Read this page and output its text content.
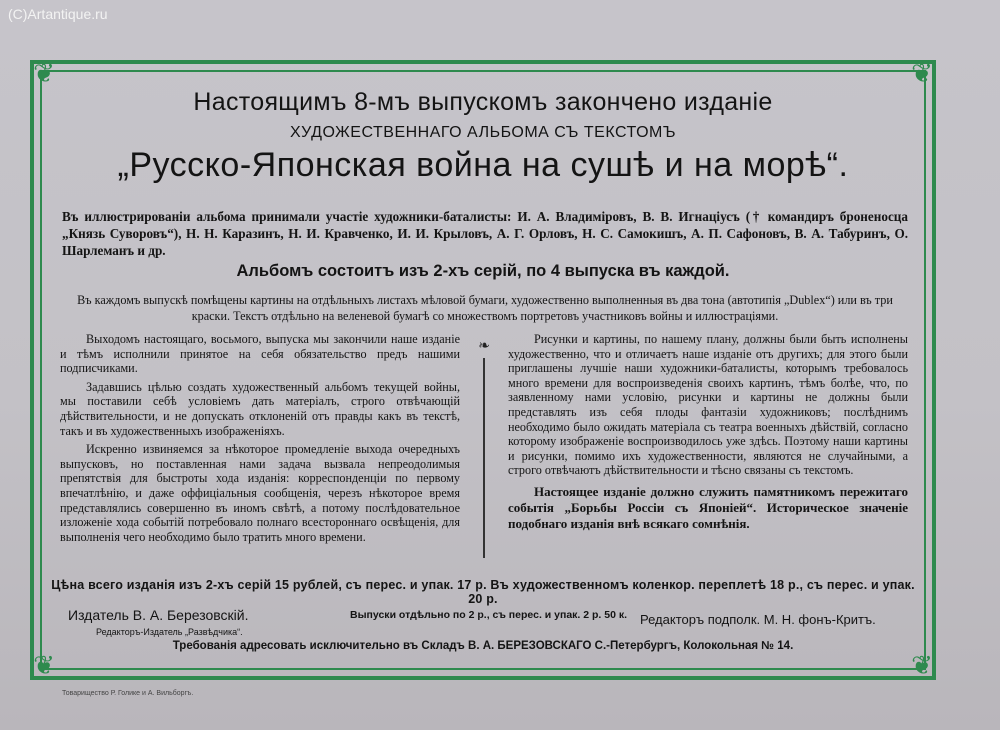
(C)Artantique.ru
❦	❦
❦	❦
Настоящимъ 8-мъ выпускомъ закончено изданіе
ХУДОЖЕСТВЕННАГО АЛЬБОМА СЪ ТЕКСТОМЪ
„Русско-Японская война на сушѣ и на морѣ“.
Въ иллюстрированіи альбома принимали участіе художники-баталисты: И. А. Владиміровъ, В. В. Игнаціусъ († командиръ броненосца „Князь Суворовъ“), Н. Н. Каразинъ, Н. И. Кравченко, И. И. Крыловъ, А. Г. Орловъ, Н. С. Самокишъ, А. П. Сафоновъ, В. А. Табуринъ, О. Шарлеманъ и др.
Альбомъ состоитъ изъ 2-хъ серій, по 4 выпуска въ каждой.
Въ каждомъ выпускѣ помѣщены картины на отдѣльныхъ листахъ мѣловой бумаги, художественно выполненныя въ два тона (автотипія „Dublex“) или въ три краски. Текстъ отдѣльно на веленевой бумагѣ со множествомъ портретовъ участниковъ войны и иллюстраціями.

Выходомъ настоящаго, восьмого, выпуска мы закончили наше изданіе и тѣмъ исполнили принятое на себя обязательство предъ нашими подписчиками.

Задавшись цѣлью создать художественный альбомъ текущей войны, мы поставили себѣ условіемъ дать матеріалъ, строго отвѣчающій дѣйствительности, и не допускать отклоненій отъ правды какъ въ текстѣ, такъ и въ художественныхъ изображеніяхъ.

Искренно извиняемся за нѣкоторое промедленіе выхода очередныхъ выпусковъ, но поставленная нами задача вызвала непреодолимыя препятствія для быстроты хода изданія: корреспонденціи по первому впечатлѣнію, и даже оффиціальныя сообщенія, черезъ нѣкоторое время представлялись совершенно въ иномъ свѣтѣ, а потому послѣдовательное изложеніе хода событій потребовало полнаго всестороннаго освѣщенія, для выполненія чего необходимо было тратить много времени.

❧	Рисунки и картины, по нашему плану, должны были быть исполнены художественно, что и отличаетъ наше изданіе отъ другихъ; для этого были приглашены лучшіе наши художники-баталисты, которымъ требовалось много времени для воспроизведенія своихъ картинъ, тѣмъ болѣе, что, по заявленному нами условію, рисунки и картины не должны были представлять изъ себя плоды фантазіи художниковъ; послѣднимъ необходимо было ожидать матеріала съ театра военныхъ дѣйствій, согласно которому изображеніе воспроизводилось уже здѣсь. Поэтому наши картины и рисунки, помимо ихъ художественности, являются не случайными, а строго отвѣчаютъ дѣйствительности и тѣсно связаны съ текстомъ.

Настоящее изданіе должно служить памятникомъ пережитаго событія „Борьбы Россіи съ Японіей“. Историческое значеніе подобнаго изданія внѣ всякаго сомнѣнія.

Цѣна всего изданія изъ 2-хъ серій 15 рублей, съ перес. и упак. 17 р. Въ художественномъ коленкор. переплетѣ 18 р., съ перес. и упак. 20 р.
Издатель В. А. Березовскій.
Редакторъ-Издатель „Развѣдчика“.
Выпуски отдѣльно по 2 р., съ перес. и упак. 2 р. 50 к. Редакторъ подполк. М. Н. фонъ-Критъ.
Требованія адресовать исключительно въ Складъ В. А. БЕРЕЗОВСКАГО С.-Петербургъ, Колокольная № 14.
Товарищество Р. Голике и А. Вильборгъ.
